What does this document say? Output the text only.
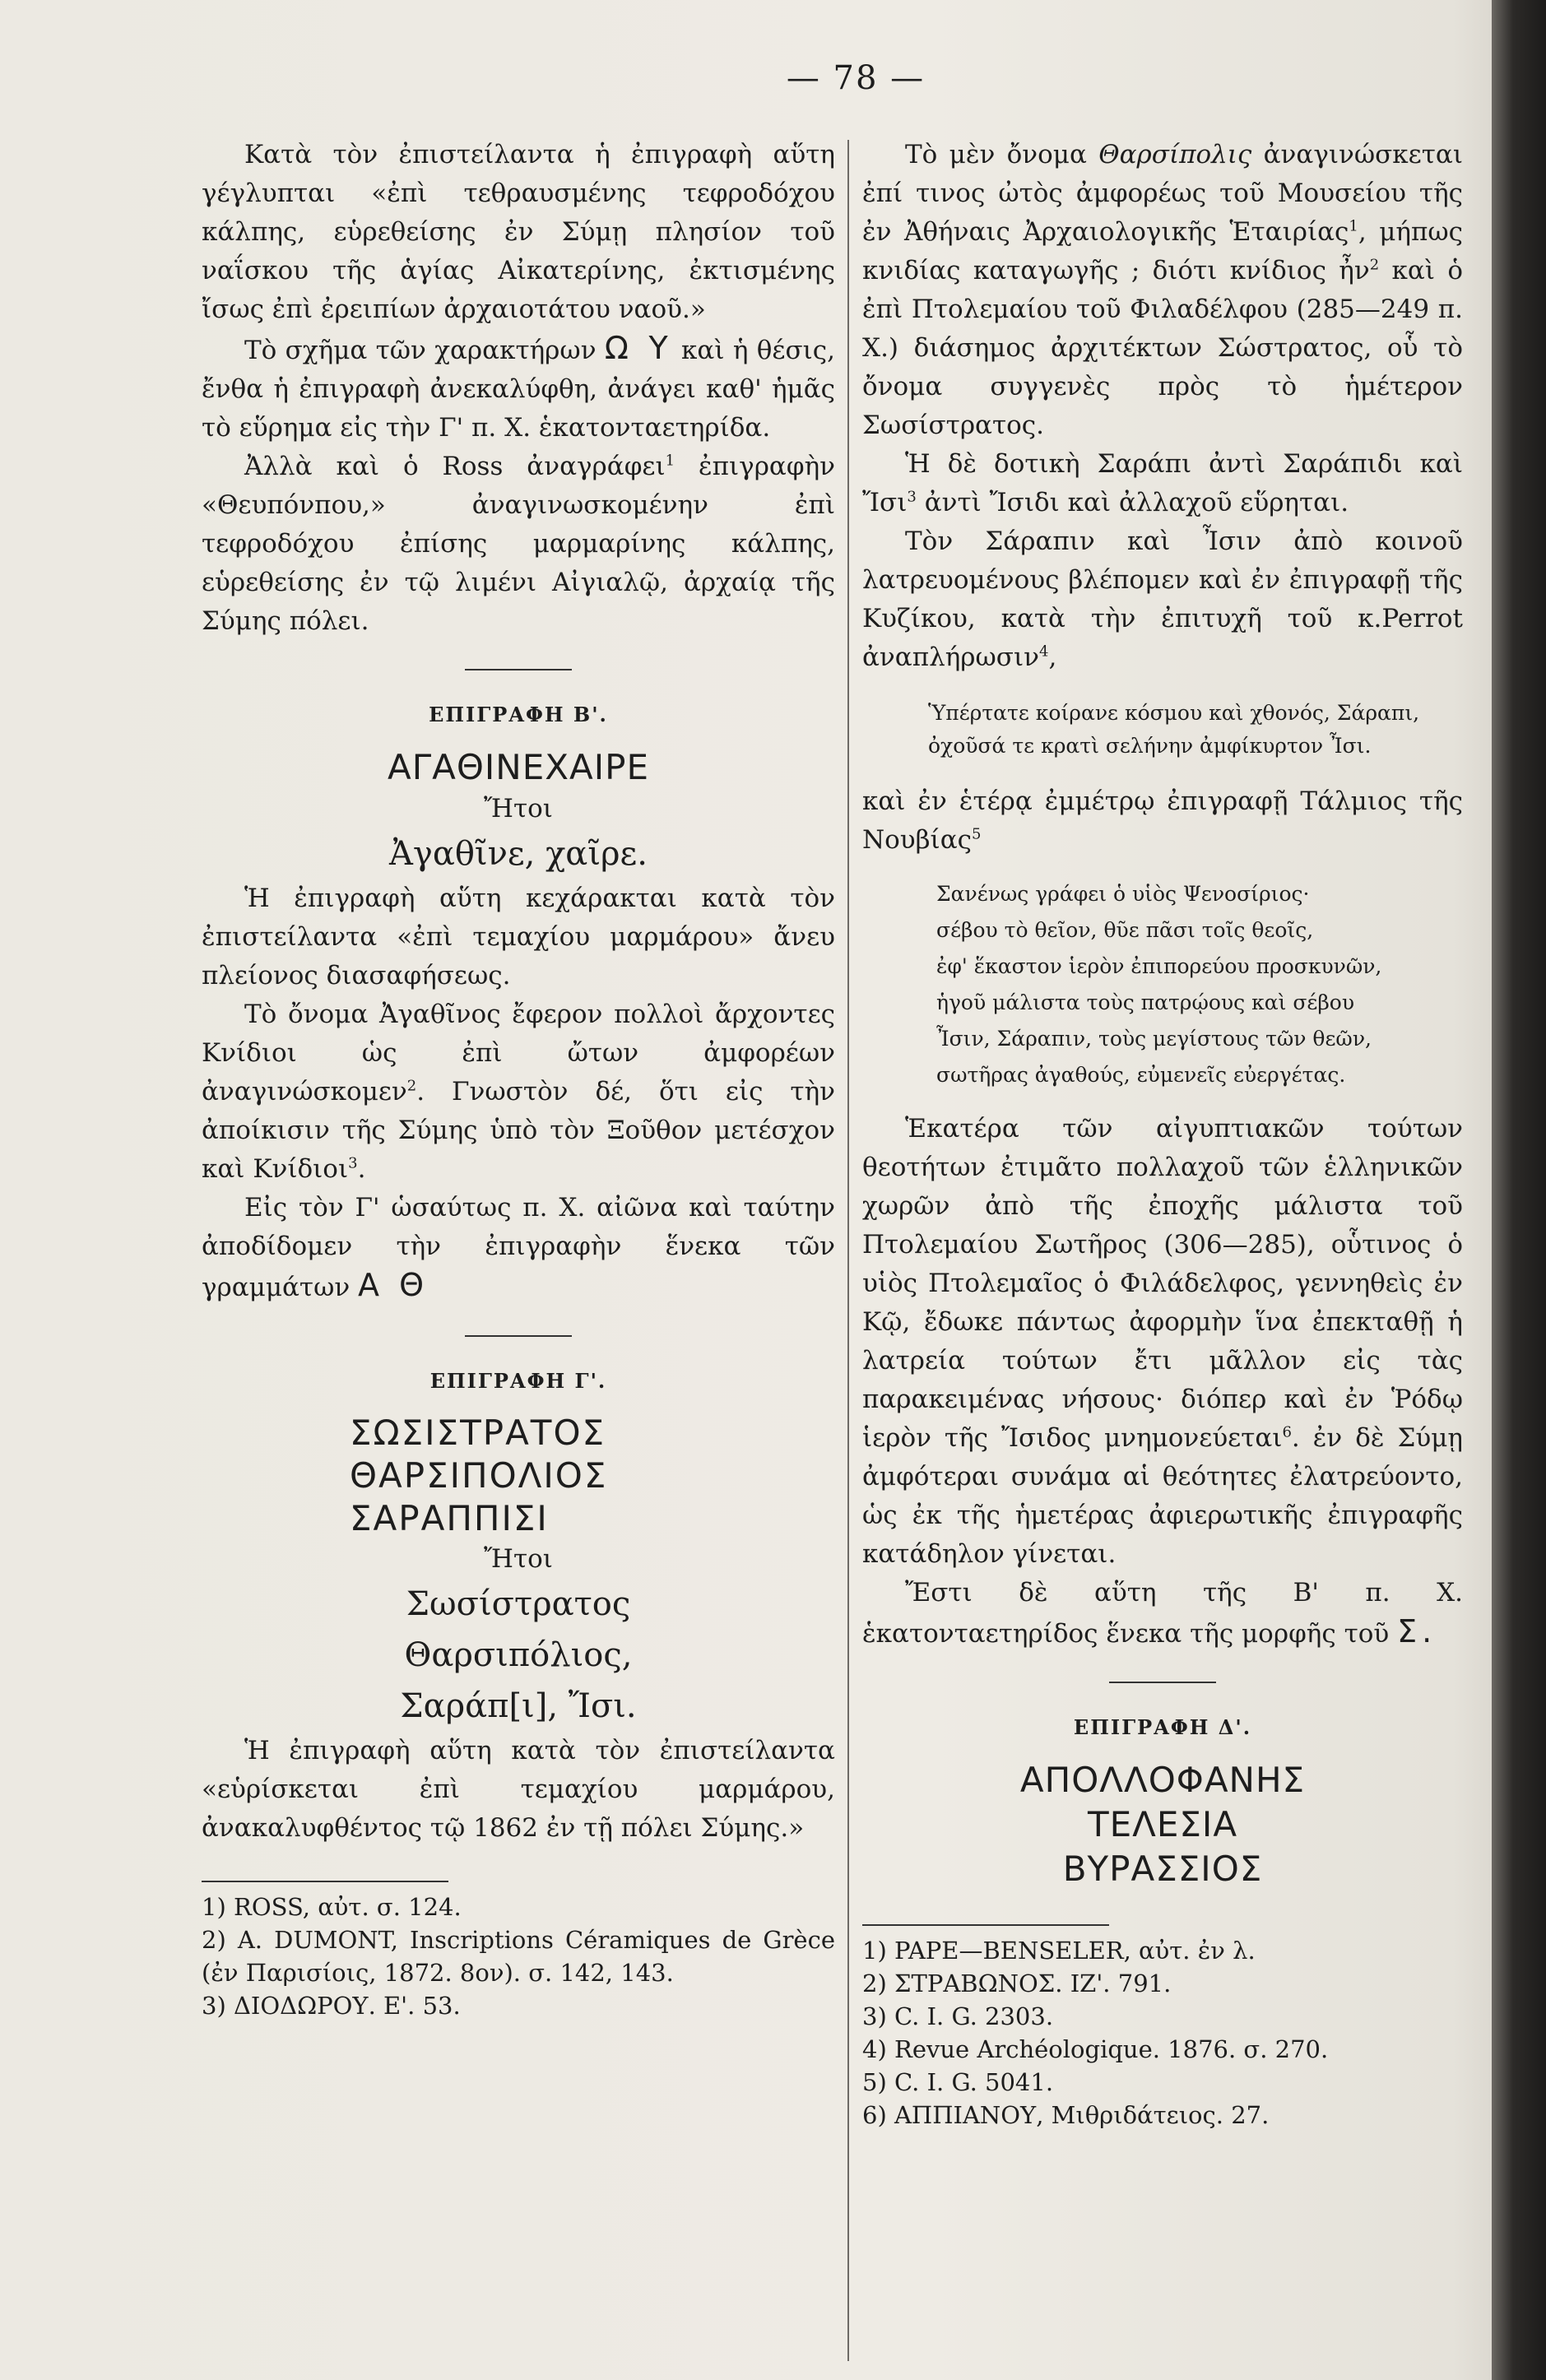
— 78 —

Κατὰ τὸν ἐπιστείλαντα ἡ ἐπιγραφὴ αὕτη γέγλυπται «ἐπὶ τεθραυσμένης τεφροδόχου κάλπης, εὑρεθείσης ἐν Σύμῃ πλησίον τοῦ ναΐσκου τῆς ἁγίας Αἰκατερίνης, ἐκτισμένης ἴσως ἐπὶ ἐρειπίων ἀρχαιοτάτου ναοῦ.»

Τὸ σχῆμα τῶν χαρακτήρων Ω Υ καὶ ἡ θέσις, ἔνθα ἡ ἐπιγραφὴ ἀνεκαλύφθη, ἀνάγει καθ' ἡμᾶς τὸ εὕρημα εἰς τὴν Γ' π. Χ. ἑκατονταετηρίδα.

Ἀλλὰ καὶ ὁ Ross ἀναγράφει$^1$ ἐπιγραφὴν «Θευπόνπου,» ἀναγινωσκομένην ἐπὶ τεφροδόχου ἐπίσης μαρμαρίνης κάλπης, εὑρεθείσης ἐν τῷ λιμένι Αἰγιαλῷ, ἀρχαίᾳ τῆς Σύμης πόλει.

ΕΠΙΓΡΑΦΗ Β'.
ΑΓΑΘΙΝΕΧΑΙΡΕ
Ἤτοι
Ἀγαθῖνε, χαῖρε.

Ἡ ἐπιγραφὴ αὕτη κεχάρακται κατὰ τὸν ἐπιστείλαντα «ἐπὶ τεμαχίου μαρμάρου» ἄνευ πλείονος διασαφήσεως.

Τὸ ὄνομα Ἀγαθῖνος ἔφερον πολλοὶ ἄρχοντες Κνίδιοι ὡς ἐπὶ ὤτων ἀμφορέων ἀναγινώσκομεν$^2$. Γνωστὸν δέ, ὅτι εἰς τὴν ἀποίκισιν τῆς Σύμης ὑπὸ τὸν Ξοῦθον μετέσχον καὶ Κνίδιοι$^3$.

Εἰς τὸν Γ' ὡσαύτως π. Χ. αἰῶνα καὶ ταύτην ἀποδίδομεν τὴν ἐπιγραφὴν ἕνεκα τῶν γραμμάτων Α Θ

ΕΠΙΓΡΑΦΗ Γ'.
ΣΩΣΙΣΤΡΑΤΟΣ
ΘΑΡΣΙΠΟΛΙΟΣ
ΣΑΡΑΠΠΙΣΙ
Ἤτοι
Σωσίστρατος
Θαρσιπόλιος,
Σαράπ[ι], Ἴσι.

Ἡ ἐπιγραφὴ αὕτη κατὰ τὸν ἐπιστείλαντα «εὑρίσκεται ἐπὶ τεμαχίου μαρμάρου, ἀνακαλυφθέντος τῷ 1862 ἐν τῇ πόλει Σύμης.»

1) ROSS, αὐτ. σ. 124.
2) A. DUMONT, Inscriptions Céramiques de Grèce (ἐν Παρισίοις, 1872. 8ον). σ. 142, 143.
3) ΔΙΟΔΩΡΟΥ. Ε'. 53.

Τὸ μὲν ὄνομα Θαρσίπολις ἀναγινώσκεται ἐπί τινος ὠτὸς ἀμφορέως τοῦ Μουσείου τῆς ἐν Ἀθήναις Ἀρχαιολογικῆς Ἑταιρίας$^1$, μήπως κνιδίας καταγωγῆς ; διότι κνίδιος ἦν$^2$ καὶ ὁ ἐπὶ Πτολεμαίου τοῦ Φιλαδέλφου (285—249 π. Χ.) διάσημος ἀρχιτέκτων Σώστρατος, οὗ τὸ ὄνομα συγγενὲς πρὸς τὸ ἡμέτερον Σωσίστρατος.

Ἡ δὲ δοτικὴ Σαράπι ἀντὶ Σαράπιδι καὶ Ἴσι$^3$ ἀντὶ Ἴσιδι καὶ ἀλλαχοῦ εὕρηται.

Τὸν Σάραπιν καὶ Ἶσιν ἀπὸ κοινοῦ λατρευομένους βλέπομεν καὶ ἐν ἐπιγραφῇ τῆς Κυζίκου, κατὰ τὴν ἐπιτυχῆ τοῦ κ.Perrot ἀναπλήρωσιν$^4$,

Ὑπέρτατε κοίρανε κόσμου καὶ χθονός, Σάραπι,
ὀχοῦσά τε κρατὶ σελήνην ἀμφίκυρτον Ἶσι.

καὶ ἐν ἑτέρᾳ ἐμμέτρῳ ἐπιγραφῇ Τάλμιος τῆς Νουβίας$^5$

Σανένως γράφει ὁ υἱὸς Ψενοσίριος·
σέβου τὸ θεῖον, θῦε πᾶσι τοῖς θεοῖς,
ἐφ' ἕκαστον ἱερὸν ἐπιπορεύου προσκυνῶν,
ἡγοῦ μάλιστα τοὺς πατρῴους καὶ σέβου
Ἶσιν, Σάραπιν, τοὺς μεγίστους τῶν θεῶν,
σωτῆρας ἀγαθούς, εὐμενεῖς εὐεργέτας.

Ἑκατέρα τῶν αἰγυπτιακῶν τούτων θεοτήτων ἐτιμᾶτο πολλαχοῦ τῶν ἑλληνικῶν χωρῶν ἀπὸ τῆς ἐποχῆς μάλιστα τοῦ Πτολεμαίου Σωτῆρος (306—285), οὗτινος ὁ υἱὸς Πτολεμαῖος ὁ Φιλάδελφος, γεννηθεὶς ἐν Κῷ, ἔδωκε πάντως ἀφορμὴν ἵνα ἐπεκταθῇ ἡ λατρεία τούτων ἔτι μᾶλλον εἰς τὰς παρακειμένας νήσους· διόπερ καὶ ἐν Ῥόδῳ ἱερὸν τῆς Ἴσιδος μνημονεύεται$^6$. ἐν δὲ Σύμῃ ἀμφότεραι συνάμα αἱ θεότητες ἐλατρεύοντο, ὡς ἐκ τῆς ἡμετέρας ἀφιερωτικῆς ἐπιγραφῆς κατάδηλον γίνεται.

Ἔστι δὲ αὕτη τῆς Β' π. Χ. ἑκατονταετηρίδος ἕνεκα τῆς μορφῆς τοῦ Σ.

ΕΠΙΓΡΑΦΗ Δ'.
ΑΠΟΛΛΟΦΑΝΗΣ
ΤΕΛΕΣΙΑ
ΒΥΡΑΣΣΙΟΣ
1) PAPE—BENSELER, αὐτ. ἐν λ.
2) ΣΤΡΑΒΩΝΟΣ. ΙΖ'. 791.
3) C. I. G. 2303.
4) Revue Archéologique. 1876. σ. 270.
5) C. I. G. 5041.
6) ΑΠΠΙΑΝΟΥ, Μιθριδάτειος. 27.
